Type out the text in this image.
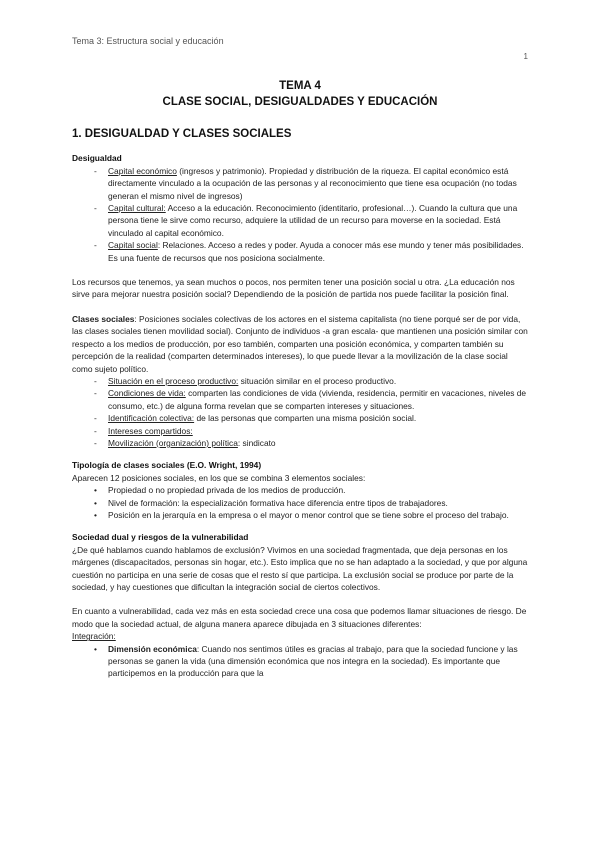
Tema 3: Estructura social y educación
1
TEMA 4
CLASE SOCIAL, DESIGUALDADES Y EDUCACIÓN
1. DESIGUALDAD Y CLASES SOCIALES
Desigualdad
- Capital económico (ingresos y patrimonio). Propiedad y distribución de la riqueza. El capital económico está directamente vinculado a la ocupación de las personas y al reconocimiento que tiene esa ocupación (no todas generan el mismo nivel de ingresos)
- Capital cultural: Acceso a la educación. Reconocimiento (identitario, profesional…). Cuando la cultura que una persona tiene le sirve como recurso, adquiere la utilidad de un recurso para moverse en la sociedad. Está vinculado al capital económico.
- Capital social: Relaciones. Acceso a redes y poder. Ayuda a conocer más ese mundo y tener más posibilidades. Es una fuente de recursos que nos posiciona socialmente.

Los recursos que tenemos, ya sean muchos o pocos, nos permiten tener una posición social u otra. ¿La educación nos sirve para mejorar nuestra posición social? Dependiendo de la posición de partida nos puede facilitar la posición final.

Clases sociales: Posiciones sociales colectivas de los actores en el sistema capitalista (no tiene porqué ser de por vida, las clases sociales tienen movilidad social). Conjunto de individuos -a gran escala- que mantienen una posición similar con respecto a los medios de producción, por eso también, comparten una posición económica, y comparten también su percepción de la realidad (comparten determinados intereses), lo que puede llevar a la movilización de la clase social como sujeto político.

- Situación en el proceso productivo: situación similar en el proceso productivo.
- Condiciones de vida: comparten las condiciones de vida (vivienda, residencia, permitir en vacaciones, niveles de consumo, etc.) de alguna forma revelan que se comparten intereses y situaciones.
- Identificación colectiva: de las personas que comparten una misma posición social.
- Intereses compartidos:
- Movilización (organización) política: sindicato
Tipología de clases sociales (E.O. Wright, 1994)

Aparecen 12 posiciones sociales, en los que se combina 3 elementos sociales:

• Propiedad o no propiedad privada de los medios de producción.
• Nivel de formación: la especialización formativa hace diferencia entre tipos de trabajadores.
• Posición en la jerarquía en la empresa o el mayor o menor control que se tiene sobre el proceso del trabajo.
Sociedad dual y riesgos de la vulnerabilidad

¿De qué hablamos cuando hablamos de exclusión? Vivimos en una sociedad fragmentada, que deja personas en los márgenes (discapacitados, personas sin hogar, etc.). Esto implica que no se han adaptado a la sociedad, y que por alguna cuestión no participa en una serie de cosas que el resto sí que participa. La exclusión social se produce por parte de la sociedad, y hay cuestiones que dificultan la integración social de ciertos colectivos.

En cuanto a vulnerabilidad, cada vez más en esta sociedad crece una cosa que podemos llamar situaciones de riesgo. De modo que la sociedad actual, de alguna manera aparece dibujada en 3 situaciones diferentes:

Integración:

• Dimensión económica: Cuando nos sentimos útiles es gracias al trabajo, para que la sociedad funcione y las personas se ganen la vida (una dimensión económica que nos integra en la sociedad). Es importante que participemos en la producción para que la
